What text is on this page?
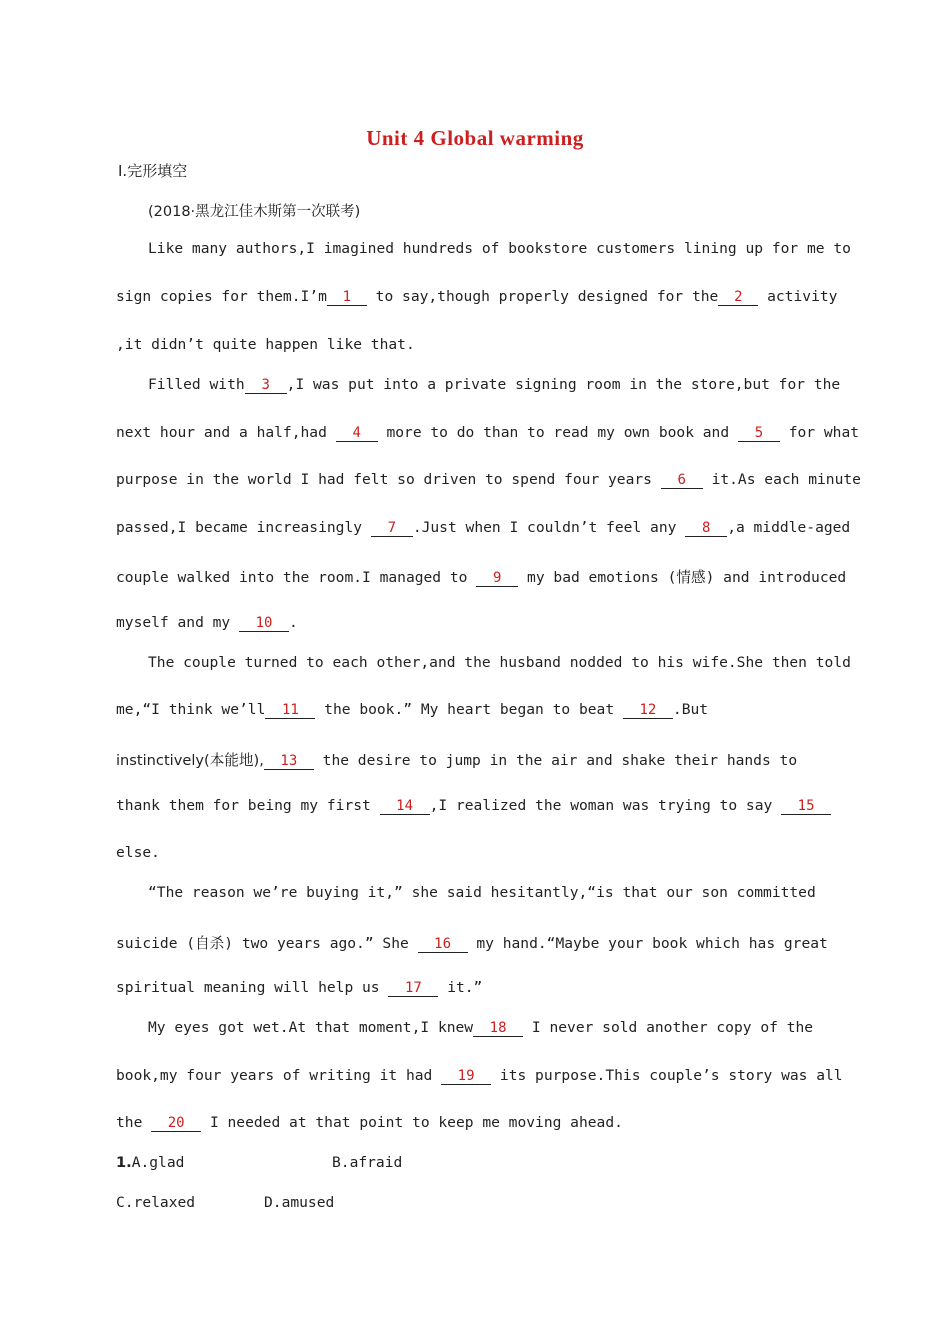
Unit 4 Global warming
Ⅰ.完形填空
(2018·黑龙江佳木斯第一次联考)
Like many authors,I imagined hundreds of bookstore customers lining up for me to
sign copies for them.I’m 1 to say,though properly designed for the 2 activity
,it didn’t quite happen like that.
Filled with 3 ,I was put into a private signing room in the store,but for the
next hour and a half,had 4 more to do than to read my own book and 5 for what
purpose in the world I had felt so driven to spend four years 6 it.As each minute
passed,I became increasingly 7 .Just when I couldn’t feel any 8 ,a middle-aged
couple walked into the room.I managed to 9 my bad emotions (情感) and introduced
myself and my 10 .
The couple turned to each other,and the husband nodded to his wife.She then told
me,“I think we’ll 11 the book.” My heart began to beat 12 .But
instinctively(本能地), 13 the desire to jump in the air and shake their hands to
thank them for being my first 14 ,I realized the woman was trying to say 15
else.
“The reason we’re buying it,” she said hesitantly,“is that our son committed
suicide (自杀) two years ago.” She 16 my hand.“Maybe your book which has great
spiritual meaning will help us 17 it.”
My eyes got wet.At that moment,I knew 18 I never sold another copy of the
book,my four years of writing it had 19 its purpose.This couple’s story was all
the 20 I needed at that point to keep me moving ahead.
1.A.glad	B.afraid
C.relaxed	D.amused
